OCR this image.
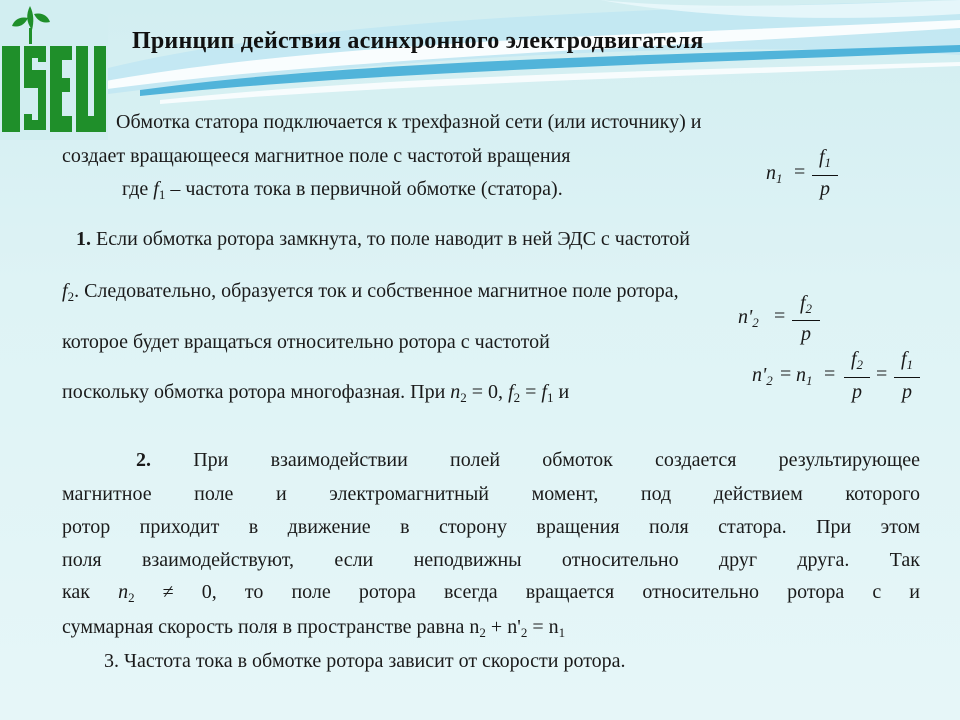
Принцип действия асинхронного электродвигателя
Обмотка статора подключается к трехфазной сети (или источнику) и
создает вращающееся магнитное поле с частотой вращения
где $f_1$ – частота тока в первичной обмотке (статора).
$n_1$ =
$f_1$
p
1. Если обмотка ротора замкнута, то поле наводит в ней ЭДС с частотой
$f_2$. Следовательно, образуется ток и собственное магнитное поле ротора,
которое будет вращаться относительно ротора с частотой
$n'_2$ =
$f_2$
p
поскольку обмотка ротора многофазная. При $n_2 = 0$, $f_2 = f_1$ и
$n'_2 = n_1$ =
$f_2$
p
=
$f_1$
p
2. При взаимодействии полей обмоток создается результирующее
магнитное поле и электромагнитный момент, под действием которого
ротор приходит в движение в сторону вращения поля статора. При этом
поля взаимодействуют, если неподвижны относительно друг друга. Так
как $n_2 \ne 0$, то поле ротора всегда вращается относительно ротора с и
суммарная скорость поля в пространстве равна $n_2 + n'_2 = n_1$
3. Частота тока в обмотке ротора зависит от скорости ротора.
